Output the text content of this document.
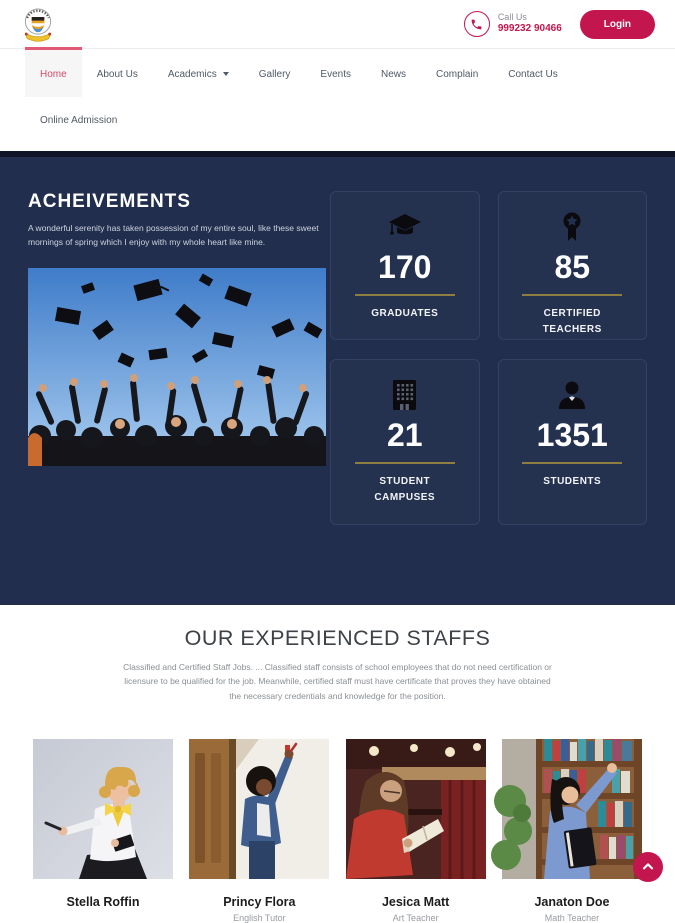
Call Us
999232 90466	Login
Home	About Us	Academics	Gallery	Events	News	Complain	Contact Us
Online Admission
ACHEIVEMENTS

A wonderful serenity has taken possession of my entire soul, like these sweet mornings of spring which I enjoy with my whole heart like mine.

170
GRADUATES
85
CERTIFIED TEACHERS
21
STUDENT CAMPUSES
1351
STUDENTS
OUR EXPERIENCED STAFFS

Classified and Certified Staff Jobs. ... Classified staff consists of school employees that do not need certification or licensure to be qualified for the job. Meanwhile, certified staff must have certificate that proves they have obtained the necessary credentials and knowledge for the position.

Stella Roffin	Princy Flora
English Tutor
Jesica Matt
Art Teacher
Janaton Doe
Math Teacher
